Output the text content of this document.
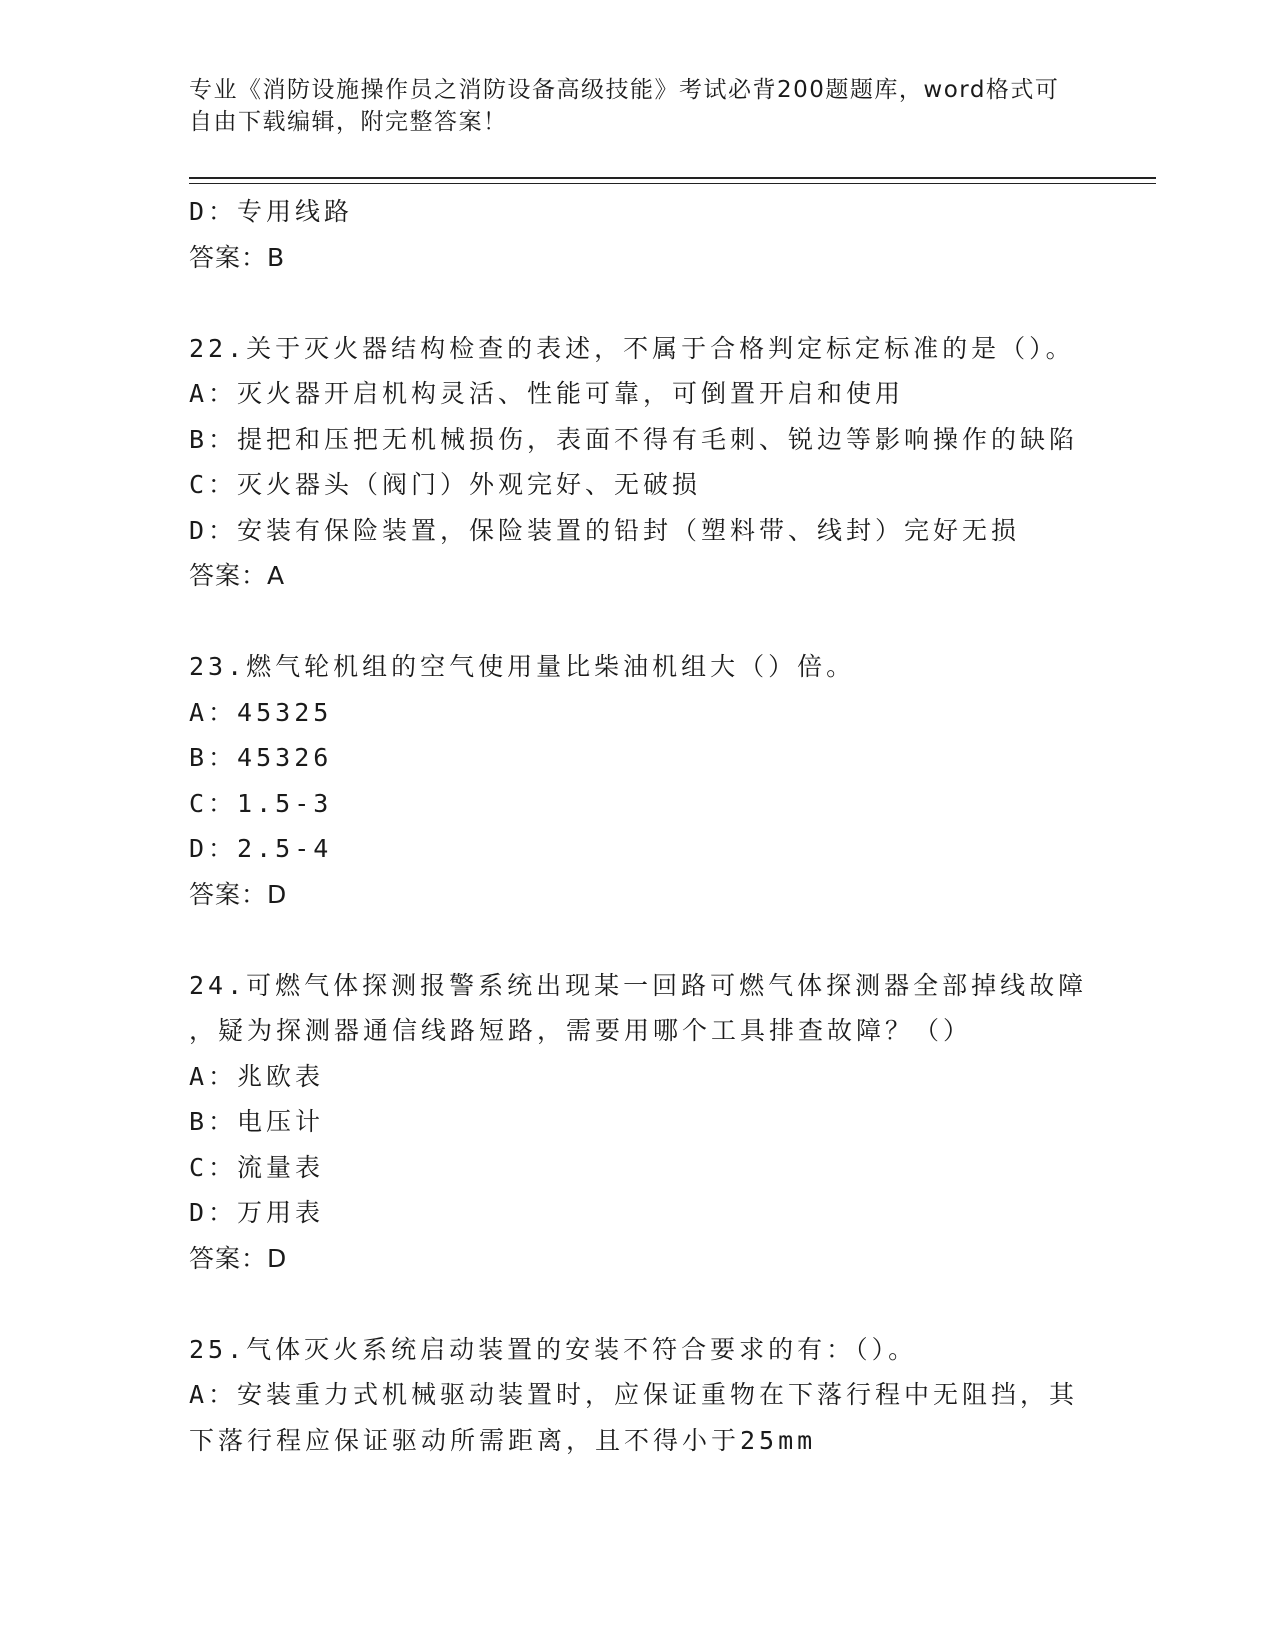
专业《消防设施操作员之消防设备高级技能》考试必背200题题库，word格式可
自由下载编辑，附完整答案！
D：专用线路
答案：B
22.关于灭火器结构检查的表述，不属于合格判定标定标准的是（）。
A：灭火器开启机构灵活、性能可靠，可倒置开启和使用
B：提把和压把无机械损伤，表面不得有毛刺、锐边等影响操作的缺陷
C：灭火器头（阀门）外观完好、无破损
D：安装有保险装置，保险装置的铅封（塑料带、线封）完好无损
答案：A
23.燃气轮机组的空气使用量比柴油机组大（）倍。
A：45325
B：45326
C：1.5-3
D：2.5-4
答案：D
24.可燃气体探测报警系统出现某一回路可燃气体探测器全部掉线故障
，疑为探测器通信线路短路，需要用哪个工具排查故障？（）
A：兆欧表
B：电压计
C：流量表
D：万用表
答案：D
25.气体灭火系统启动装置的安装不符合要求的有：（）。
A：安装重力式机械驱动装置时，应保证重物在下落行程中无阻挡，其
下落行程应保证驱动所需距离，且不得小于25mm
